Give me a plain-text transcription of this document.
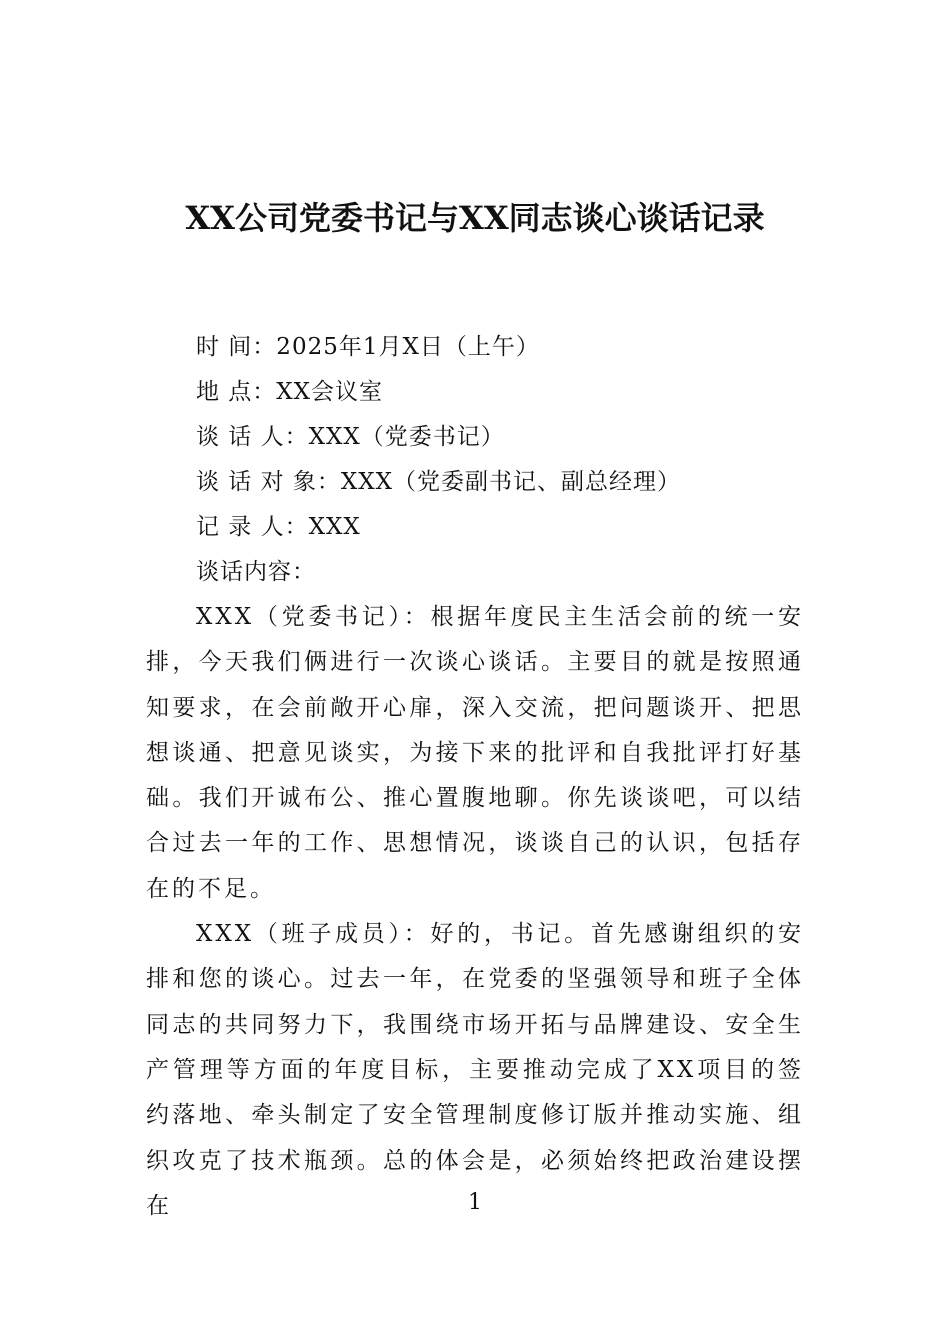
XX公司党委书记与XX同志谈心谈话记录
时 间：2025年1月X日（上午）
地 点：XX会议室
谈 话 人：XXX（党委书记）
谈 话 对 象：XXX（党委副书记、副总经理）
记 录 人：XXX
谈话内容：

XXX（党委书记）：根据年度民主生活会前的统一安排，今天我们俩进行一次谈心谈话。主要目的就是按照通知要求，在会前敞开心扉，深入交流，把问题谈开、把思想谈通、把意见谈实，为接下来的批评和自我批评打好基础。我们开诚布公、推心置腹地聊。你先谈谈吧，可以结合过去一年的工作、思想情况，谈谈自己的认识，包括存在的不足。

XXX（班子成员）：好的，书记。首先感谢组织的安排和您的谈心。过去一年，在党委的坚强领导和班子全体同志的共同努力下，我围绕市场开拓与品牌建设、安全生产管理等方面的年度目标，主要推动完成了XX项目的签约落地、牵头制定了安全管理制度修订版并推动实施、组织攻克了技术瓶颈。总的体会是，必须始终把政治建设摆在	1
